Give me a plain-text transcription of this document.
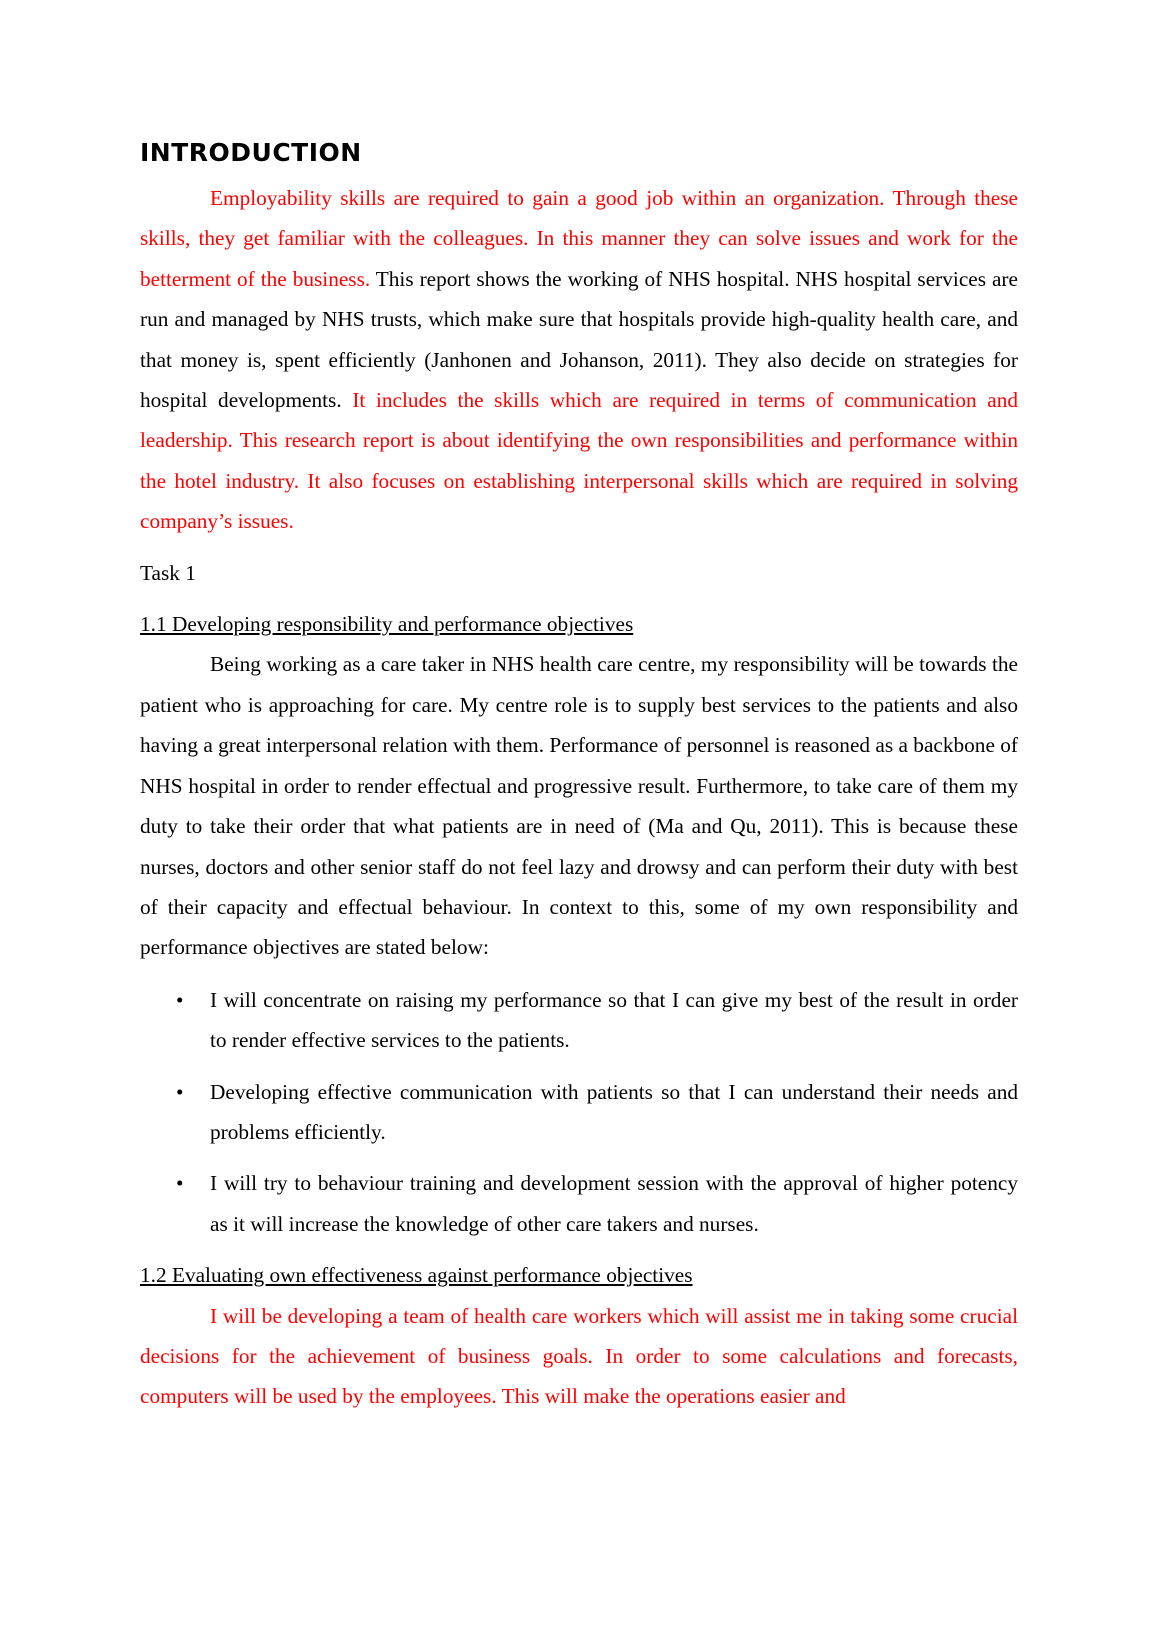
INTRODUCTION

Employability skills are required to gain a good job within an organization. Through these skills, they get familiar with the colleagues. In this manner they can solve issues and work for the betterment of the business. This report shows the working of NHS hospital. NHS hospital services are run and managed by NHS trusts, which make sure that hospitals provide high-quality health care, and that money is, spent efficiently (Janhonen and Johanson, 2011). They also decide on strategies for hospital developments. It includes the skills which are required in terms of communication and leadership. This research report is about identifying the own responsibilities and performance within the hotel industry. It also focuses on establishing interpersonal skills which are required in solving company’s issues.

Task 1

1.1 Developing responsibility and performance objectives

Being working as a care taker in NHS health care centre, my responsibility will be towards the patient who is approaching for care. My centre role is to supply best services to the patients and also having a great interpersonal relation with them. Performance of personnel is reasoned as a backbone of NHS hospital in order to render effectual and progressive result. Furthermore, to take care of them my duty to take their order that what patients are in need of (Ma and Qu, 2011). This is because these nurses, doctors and other senior staff do not feel lazy and drowsy and can perform their duty with best of their capacity and effectual behaviour. In context to this, some of my own responsibility and performance objectives are stated below:

• I will concentrate on raising my performance so that I can give my best of the result in order to render effective services to the patients.
• Developing effective communication with patients so that I can understand their needs and problems efficiently.
• I will try to behaviour training and development session with the approval of higher potency as it will increase the knowledge of other care takers and nurses.

1.2 Evaluating own effectiveness against performance objectives

I will be developing a team of health care workers which will assist me in taking some crucial decisions for the achievement of business goals. In order to some calculations and forecasts, computers will be used by the employees. This will make the operations easier and
